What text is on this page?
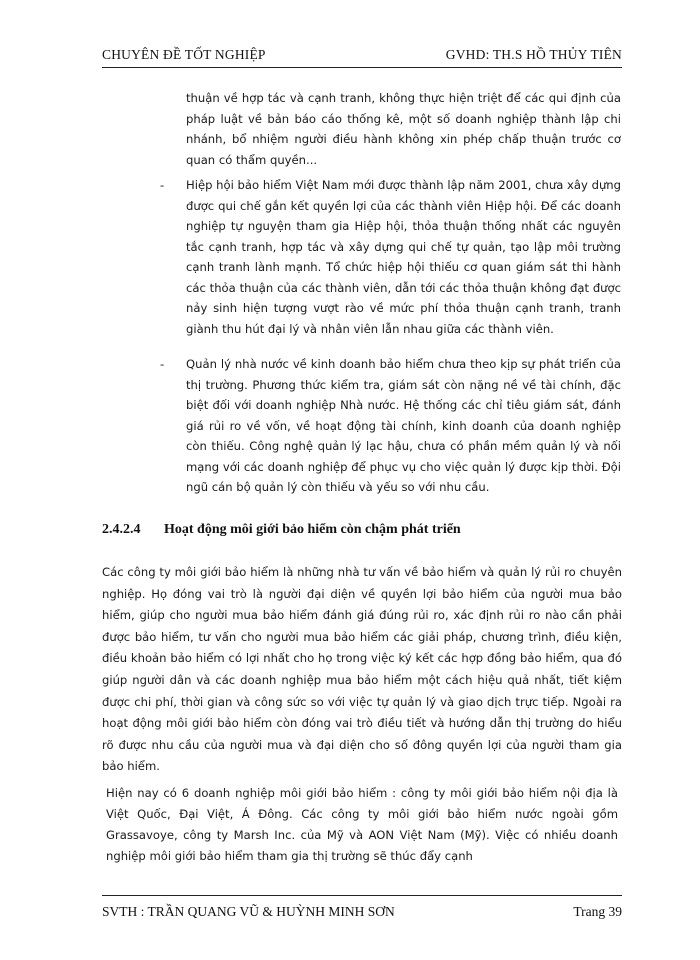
CHUYÊN ĐỀ TỐT NGHIỆP	GVHD: TH.S HỒ THỦY TIÊN
thuận về hợp tác và cạnh tranh, không thực hiện triệt để các qui định của pháp luật về bản báo cáo thống kê, một số doanh nghiệp thành lập chi nhánh, bổ nhiệm người điều hành không xin phép chấp thuận trước cơ quan có thẩm quyền...
-	Hiệp hội bảo hiểm Việt Nam mới được thành lập năm 2001, chưa xây dựng được qui chế gắn kết quyền lợi của các thành viên Hiệp hội. Để các doanh nghiệp tự nguyện tham gia Hiệp hội, thỏa thuận thống nhất các nguyên tắc cạnh tranh, hợp tác và xây dựng qui chế tự quản, tạo lập môi trường cạnh tranh lành mạnh. Tổ chức hiệp hội thiếu cơ quan giám sát thi hành các thỏa thuận của các thành viên, dẫn tới các thỏa thuận không đạt được nảy sinh hiện tượng vượt rào về mức phí thỏa thuận cạnh tranh, tranh giành thu hút đại lý và nhân viên lẫn nhau giữa các thành viên.
-	Quản lý nhà nước về kinh doanh bảo hiểm chưa theo kịp sự phát triển của thị trường. Phương thức kiểm tra, giám sát còn nặng nề về tài chính, đặc biệt đối với doanh nghiệp Nhà nước. Hệ thống các chỉ tiêu giám sát, đánh giá rủi ro về vốn, về hoạt động tài chính, kinh doanh của doanh nghiệp còn thiếu. Công nghệ quản lý lạc hậu, chưa có phần mềm quản lý và nối mạng với các doanh nghiệp để phục vụ cho việc quản lý được kịp thời. Đội ngũ cán bộ quản lý còn thiếu và yếu so với nhu cầu.
2.4.2.4 Hoạt động môi giới bảo hiểm còn chậm phát triển
Các công ty môi giới bảo hiểm là những nhà tư vấn về bảo hiểm và quản lý rủi ro chuyên nghiệp. Họ đóng vai trò là người đại diện về quyền lợi bảo hiểm của người mua bảo hiểm, giúp cho người mua bảo hiểm đánh giá đúng rủi ro, xác định rủi ro nào cần phải được bảo hiểm, tư vấn cho người mua bảo hiểm các giải pháp, chương trình, điều kiện, điều khoản bảo hiểm có lợi nhất cho họ trong việc ký kết các hợp đồng bảo hiểm, qua đó giúp người dân và các doanh nghiệp mua bảo hiểm một cách hiệu quả nhất, tiết kiệm được chi phí, thời gian và công sức so với việc tự quản lý và giao dịch trực tiếp. Ngoài ra hoạt động môi giới bảo hiểm còn đóng vai trò điều tiết và hướng dẫn thị trường do hiểu rõ được nhu cầu của người mua và đại diện cho số đông quyền lợi của người tham gia bảo hiểm.
Hiện nay có 6 doanh nghiệp môi giới bảo hiểm : công ty môi giới bảo hiểm nội địa là Việt Quốc, Đại Việt, Á Đông. Các công ty môi giới bảo hiểm nước ngoài gồm Grassavoye, công ty Marsh Inc. của Mỹ và AON Việt Nam (Mỹ). Việc có nhiều doanh nghiệp môi giới bảo hiểm tham gia thị trường sẽ thúc đẩy cạnh
SVTH : TRẦN QUANG VŨ & HUỲNH MINH SƠN	Trang 39
